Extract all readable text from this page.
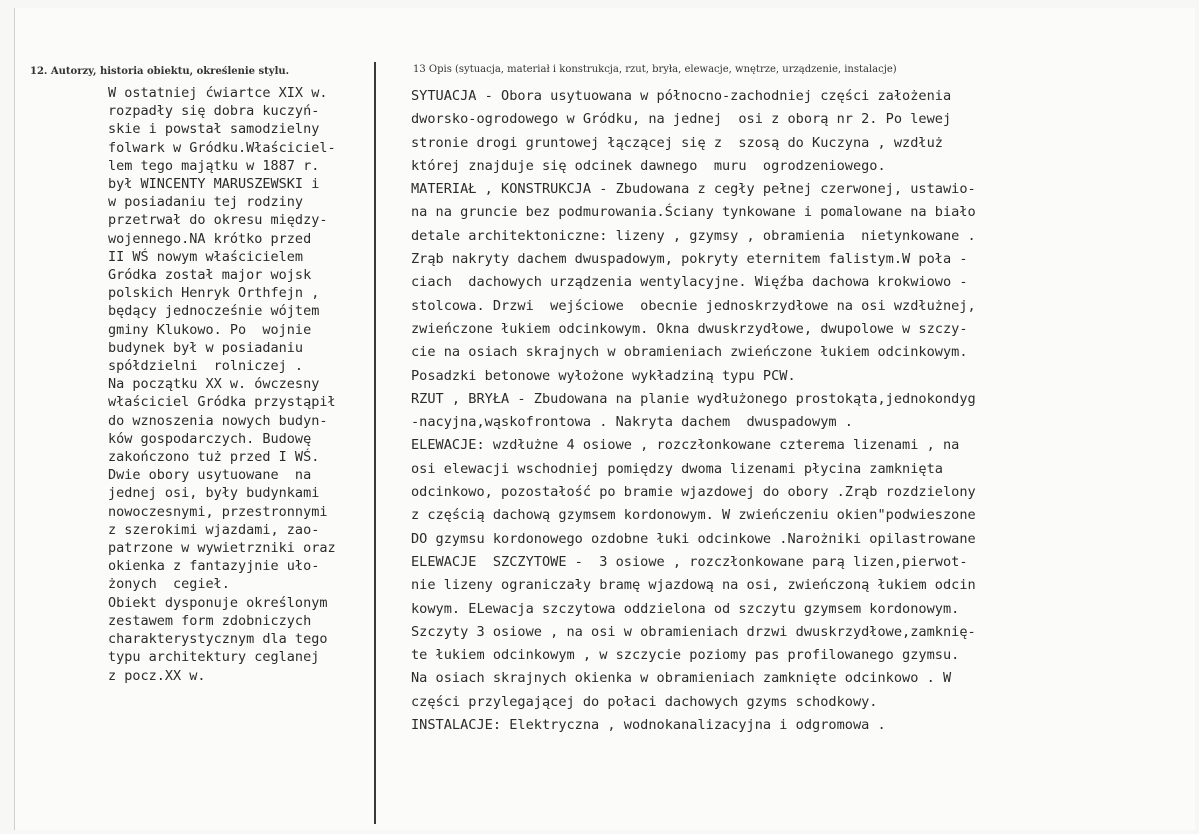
12. Autorzy, historia obiektu, określenie stylu.	13 Opis (sytuacja, materiał i konstrukcja, rzut, bryła, elewacje, wnętrze, urządzenie, instalacje)
W ostatniej ćwiartce XIX w.
rozpadły się dobra kuczyń-
skie i powstał samodzielny
folwark w Gródku.Właściciel-
lem tego majątku w 1887 r.
był WINCENTY MARUSZEWSKI i
w posiadaniu tej rodziny
przetrwał do okresu między-
wojennego.NA krótko przed
II WŚ nowym właścicielem
Gródka został major wojsk
polskich Henryk Orthfejn ,
będący jednocześnie wójtem
gminy Klukowo. Po  wojnie
budynek był w posiadaniu
spółdzielni  rolniczej .
Na początku XX w. ówczesny
właściciel Gródka przystąpił
do wznoszenia nowych budyn-
ków gospodarczych. Budowę
zakończono tuż przed I WŚ.
Dwie obory usytuowane  na
jednej osi, były budynkami
nowoczesnymi, przestronnymi
z szerokimi wjazdami, zao-
patrzone w wywietrzniki oraz
okienka z fantazyjnie uło-
żonych  cegieł.
Obiekt dysponuje określonym
zestawem form zdobniczych
charakterystycznym dla tego
typu architektury ceglanej
z pocz.XX w.
SYTUACJA - Obora usytuowana w północno-zachodniej części założenia
dworsko-ogrodowego w Gródku, na jednej  osi z oborą nr 2. Po lewej
stronie drogi gruntowej łączącej się z  szosą do Kuczyna , wzdłuż
której znajduje się odcinek dawnego  muru  ogrodzeniowego.
MATERIAŁ , KONSTRUKCJA - Zbudowana z cegły pełnej czerwonej, ustawio-
na na gruncie bez podmurowania.Ściany tynkowane i pomalowane na biało
detale architektoniczne: lizeny , gzymsy , obramienia  nietynkowane .
Zrąb nakryty dachem dwuspadowym, pokryty eternitem falistym.W poła -
ciach  dachowych urządzenia wentylacyjne. Więźba dachowa krokwiowo -
stolcowa. Drzwi  wejściowe  obecnie jednoskrzydłowe na osi wzdłużnej,
zwieńczone łukiem odcinkowym. Okna dwuskrzydłowe, dwupolowe w szczy-
cie na osiach skrajnych w obramieniach zwieńczone łukiem odcinkowym.
Posadzki betonowe wyłożone wykładziną typu PCW.
RZUT , BRYŁA - Zbudowana na planie wydłużonego prostokąta,jednokondyg
-nacyjna,wąskofrontowa . Nakryta dachem  dwuspadowym .
ELEWACJE: wzdłużne 4 osiowe , rozczłonkowane czterema lizenami , na
osi elewacji wschodniej pomiędzy dwoma lizenami płycina zamknięta
odcinkowo, pozostałość po bramie wjazdowej do obory .Zrąb rozdzielony
z częścią dachową gzymsem kordonowym. W zwieńczeniu okien"podwieszone
DO gzymsu kordonowego ozdobne łuki odcinkowe .Narożniki opilastrowane
ELEWACJE  SZCZYTOWE -  3 osiowe , rozczłonkowane parą lizen,pierwot-
nie lizeny ograniczały bramę wjazdową na osi, zwieńczoną łukiem odcin
kowym. ELewacja szczytowa oddzielona od szczytu gzymsem kordonowym.
Szczyty 3 osiowe , na osi w obramieniach drzwi dwuskrzydłowe,zamknię-
te łukiem odcinkowym , w szczycie poziomy pas profilowanego gzymsu.
Na osiach skrajnych okienka w obramieniach zamknięte odcinkowo . W
części przylegającej do połaci dachowych gzyms schodkowy.
INSTALACJE: Elektryczna , wodnokanalizacyjna i odgromowa .
